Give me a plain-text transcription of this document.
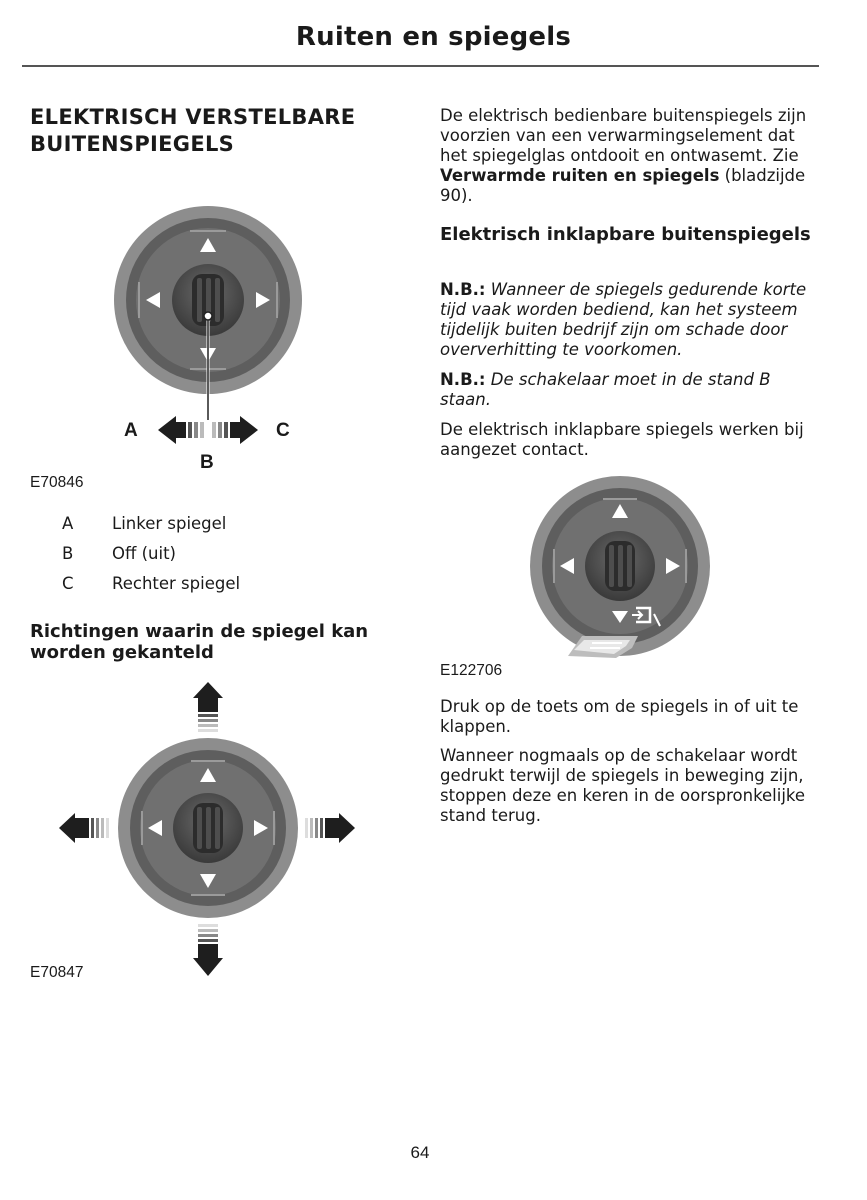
Ruiten en spiegels
ELEKTRISCH VERSTELBARE BUITENSPIEGELS
A	C
B
E70846
A	Linker spiegel
B	Off (uit)
C	Rechter spiegel
Richtingen waarin de spiegel kan worden gekanteld
E70847

De elektrisch bedienbare buitenspiegels zijn voorzien van een verwarmingselement dat het spiegelglas ontdooit en ontwasemt. Zie Verwarmde ruiten en spiegels (bladzijde 90).

Elektrisch inklapbare buitenspiegels

N.B.: Wanneer de spiegels gedurende korte tijd vaak worden bediend, kan het systeem tijdelijk buiten bedrijf zijn om schade door oververhitting te voorkomen.

N.B.: De schakelaar moet in de stand B staan.

De elektrisch inklapbare spiegels werken bij aangezet contact.

E122706

Druk op de toets om de spiegels in of uit te klappen.

Wanneer nogmaals op de schakelaar wordt gedrukt terwijl de spiegels in beweging zijn, stoppen deze en keren in de oorspronkelijke stand terug.

64
